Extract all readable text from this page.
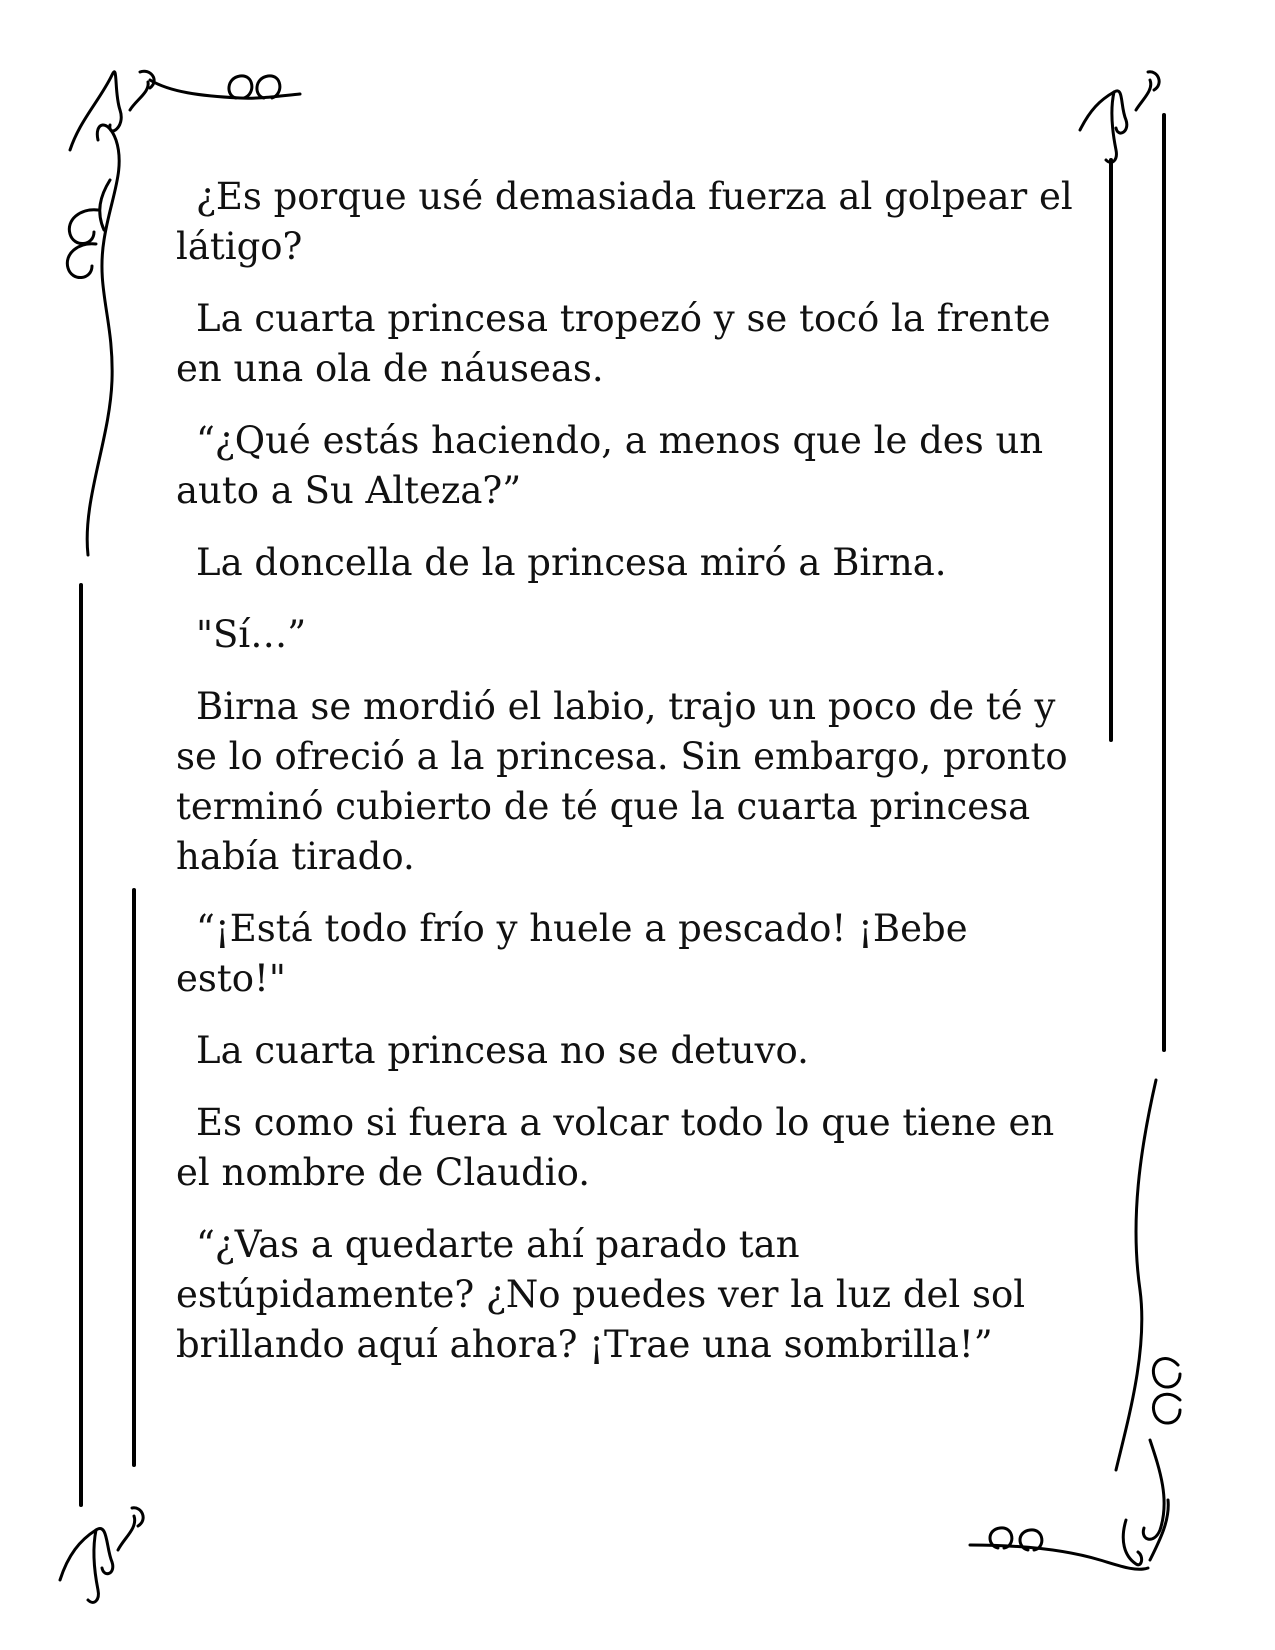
¿Es porque usé demasiada fuerza al golpear el látigo?

La cuarta princesa tropezó y se tocó la frente en una ola de náuseas.

“¿Qué estás haciendo, a menos que le des un auto a Su Alteza?”

La doncella de la princesa miró a Birna.

"Sí…”

Birna se mordió el labio, trajo un poco de té y se lo ofreció a la princesa. Sin embargo, pronto terminó cubierto de té que la cuarta princesa había tirado.

“¡Está todo frío y huele a pescado! ¡Bebe esto!"

La cuarta princesa no se detuvo.

Es como si fuera a volcar todo lo que tiene en el nombre de Claudio.

“¿Vas a quedarte ahí parado tan estúpidamente? ¿No puedes ver la luz del sol brillando aquí ahora? ¡Trae una sombrilla!”
